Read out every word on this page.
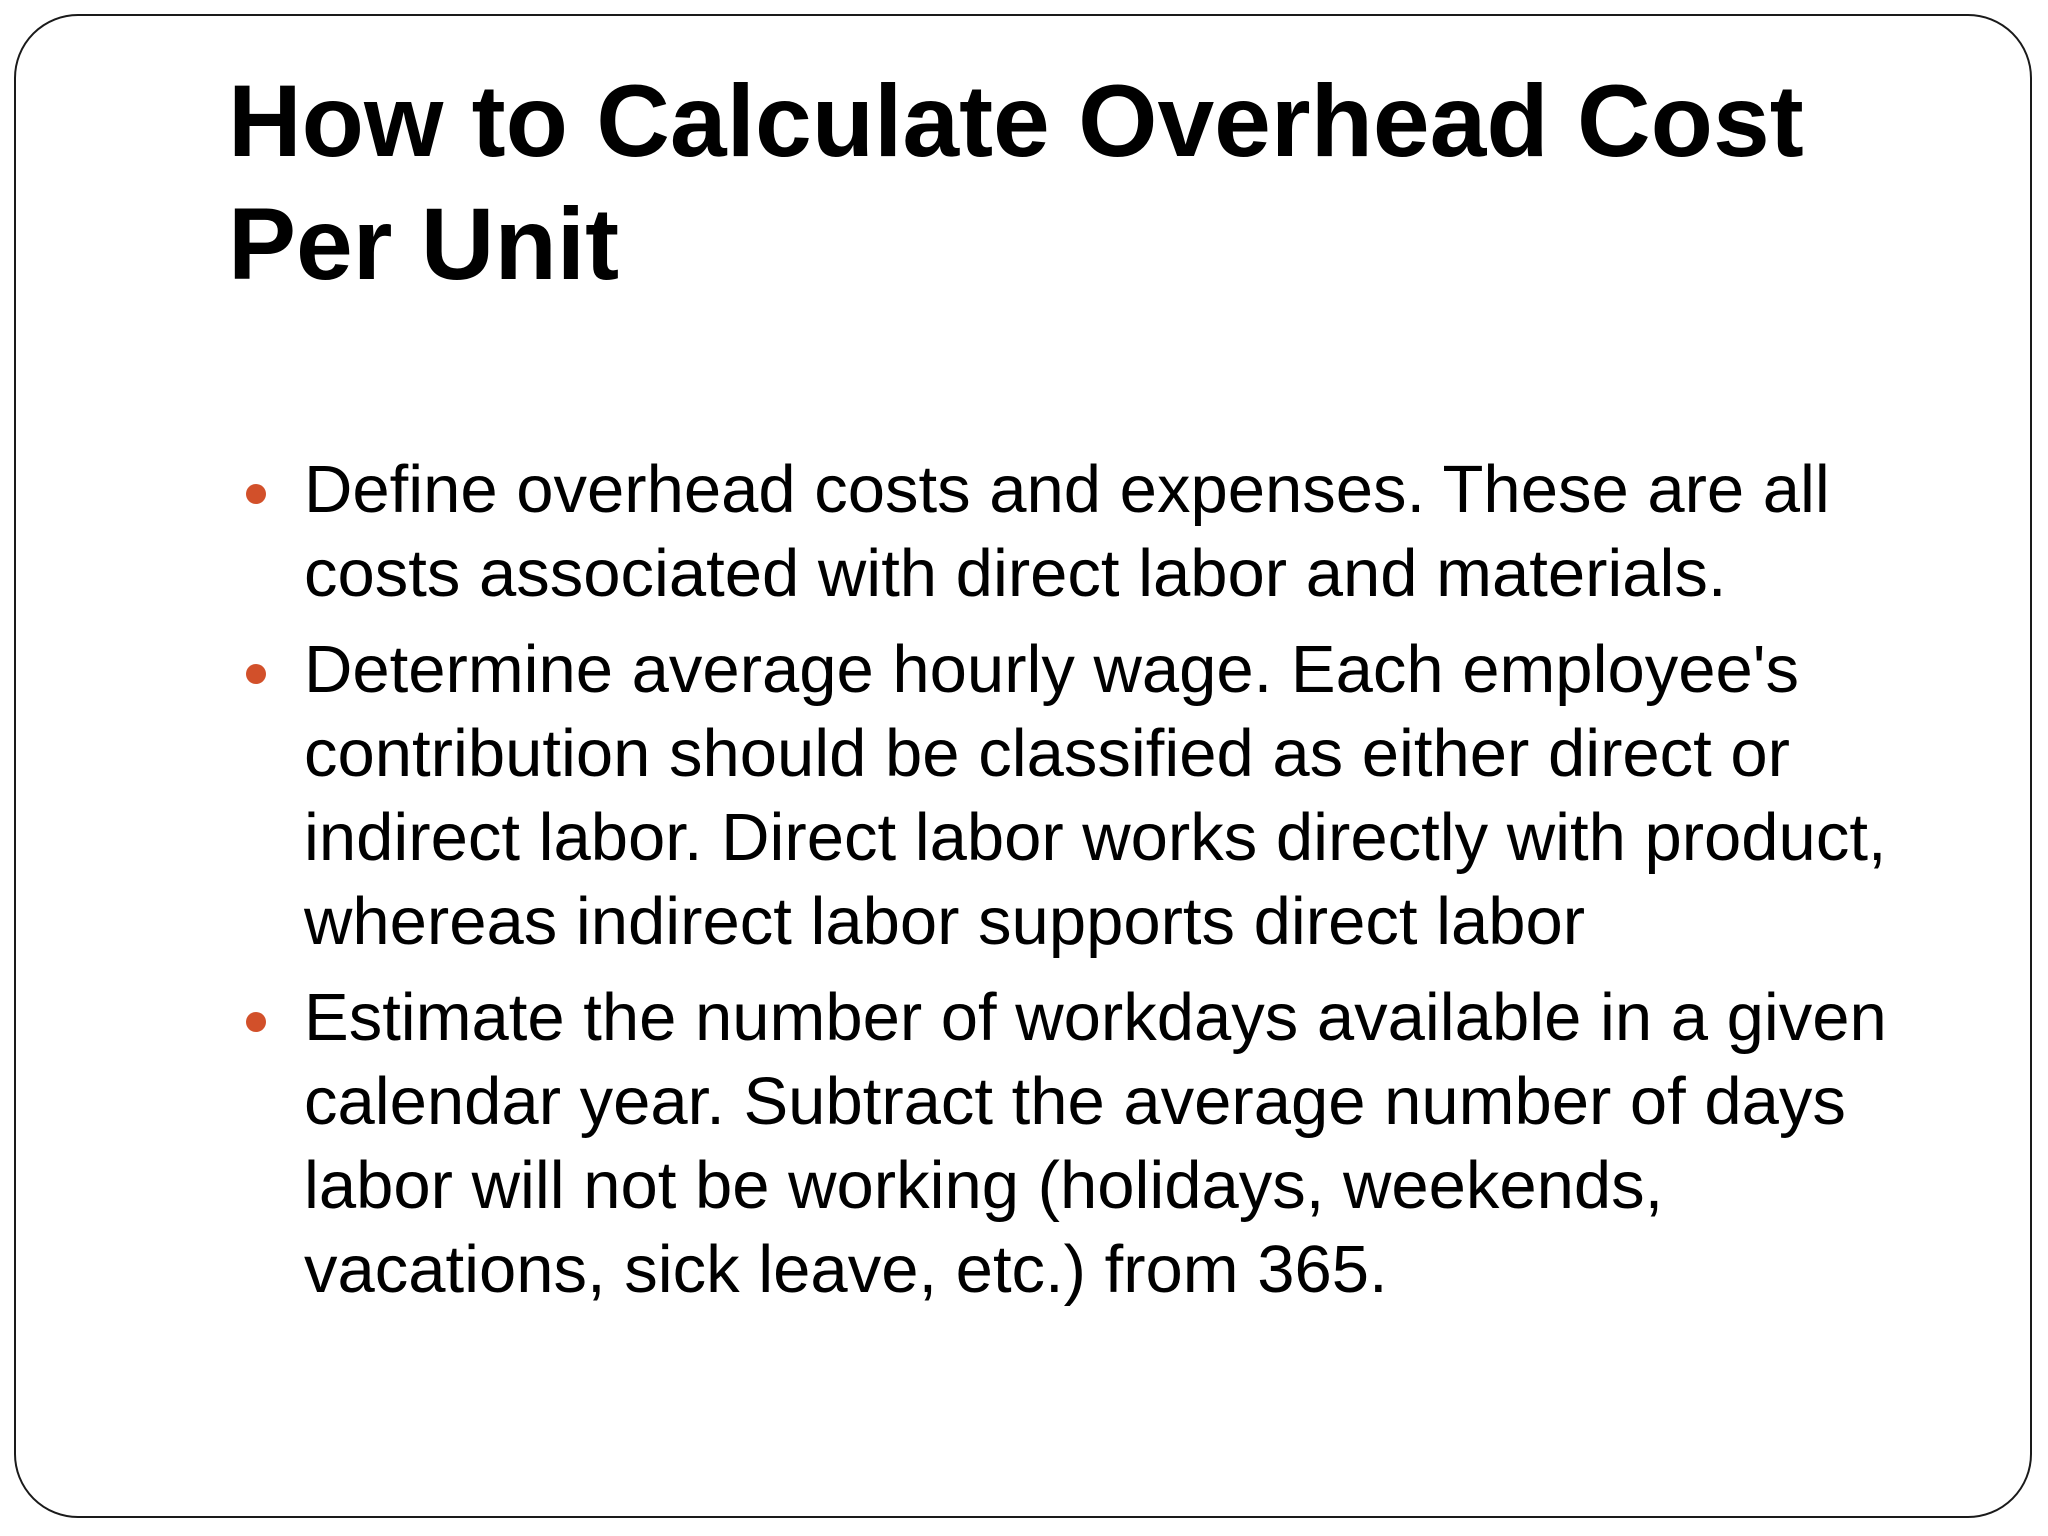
How to Calculate Overhead Cost Per Unit
Define overhead costs and expenses. These are all costs associated with direct labor and materials.
Determine average hourly wage. Each employee's contribution should be classified as either direct or indirect labor. Direct labor works directly with product, whereas indirect labor supports direct labor
Estimate the number of workdays available in a given calendar year. Subtract the average number of days labor will not be working (holidays, weekends, vacations, sick leave, etc.) from 365.
